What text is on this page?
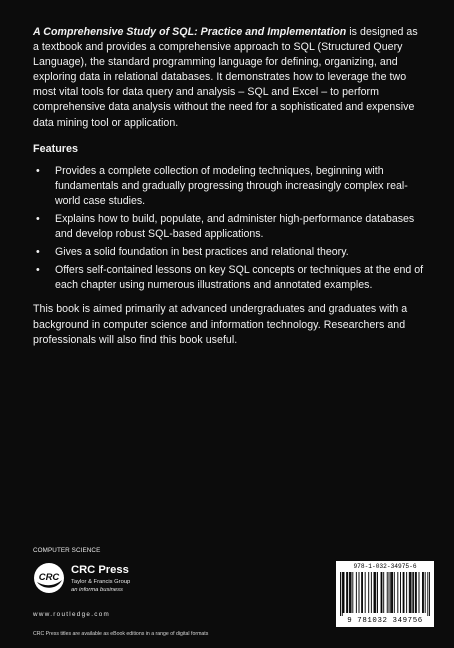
A Comprehensive Study of SQL: Practice and Implementation is designed as a textbook and provides a comprehensive approach to SQL (Structured Query Language), the standard programming language for defining, organizing, and exploring data in relational databases. It demonstrates how to leverage the two most vital tools for data query and analysis – SQL and Excel – to perform comprehensive data analysis without the need for a sophisticated and expensive data mining tool or application.

Features
• Provides a complete collection of modeling techniques, beginning with fundamentals and gradually progressing through increasingly complex real-world case studies.
• Explains how to build, populate, and administer high-performance databases and develop robust SQL-based applications.
• Gives a solid foundation in best practices and relational theory.
• Offers self-contained lessons on key SQL concepts or techniques at the end of each chapter using numerous illustrations and annotated examples.

This book is aimed primarily at advanced undergraduates and graduates with a background in computer science and information technology. Researchers and professionals will also find this book useful.

COMPUTER SCIENCE
CRC
CRC Press
Taylor & Francis Group
an informa business
www.routledge.com
CRC Press titles are available as eBook editions in a range of digital formats
978-1-032-34975-6
9 781032 349756
